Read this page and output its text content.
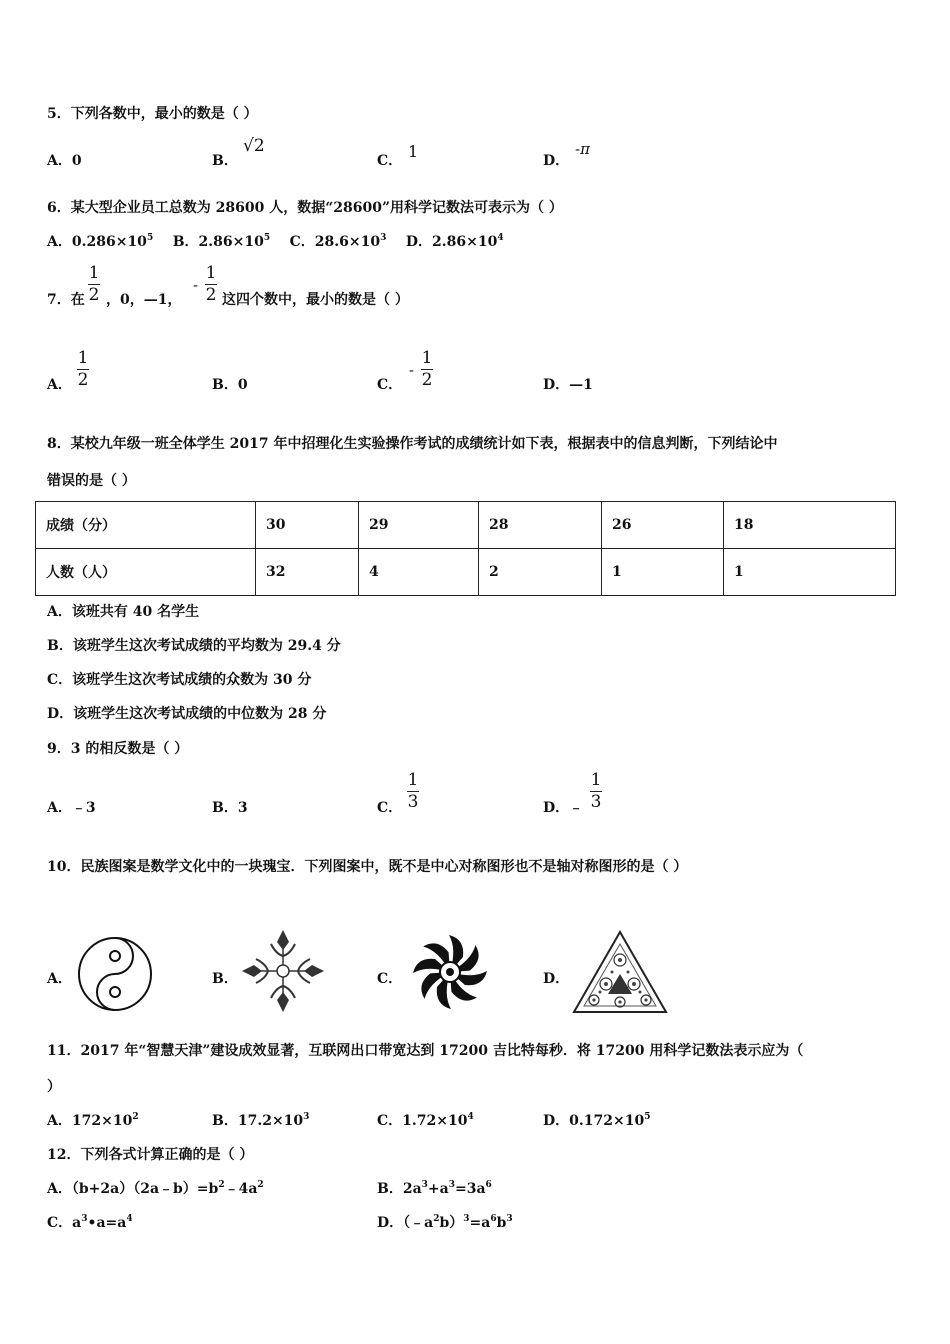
5．下列各数中，最小的数是（ ）
A．0	B．
√2
C． 1	D．
-π
6．某大型企业员工总数为 28600 人，数据“28600”用科学记数法可表示为（ ）
A．$0.286\times 10^5$ B．$2.86\times 10^5$ C．$28.6\times 10^3$ D．$2.86\times 10^4$
7．在
1
2 ，0，—1，
-
1
2 这四个数中，最小的数是（ ）
A．
1
2	B．0	C．
-
1
2	D．—1
8．某校九年级一班全体学生 2017 年中招理化生实验操作考试的成绩统计如下表，根据表中的信息判断，下列结论中
错误的是（ ）
成绩（分）	30	29	28	26	18
人数（人）	32	4	2	1	1
A．该班共有 40 名学生
B．该班学生这次考试成绩的平均数为 29.4 分
C．该班学生这次考试成绩的众数为 30 分
D．该班学生这次考试成绩的中位数为 28 分
9．3 的相反数是（ ）
A．﹣3	B．3	C．
1
3	D．﹣
1
3
10．民族图案是数学文化中的一块瑰宝．下列图案中，既不是中心对称图形也不是轴对称图形的是（ ）
A．	B．	C．	D．
11．2017 年“智慧天津”建设成效显著，互联网出口带宽达到 17200 吉比特每秒．将 17200 用科学记数法表示应为（
）
A．$172\times 10^2$	B．$17.2\times 10^3$	C．$1.72\times 10^4$	D．$0.172\times 10^5$
12．下列各式计算正确的是（ ）
A．$(b+2a)(2a﹣b)=b^2﹣4a^2$	B．$2a^3+a^3=3a^6$
C．$a^3•a=a^4$	D．$(﹣a^2b)^3=a^6b^3$
